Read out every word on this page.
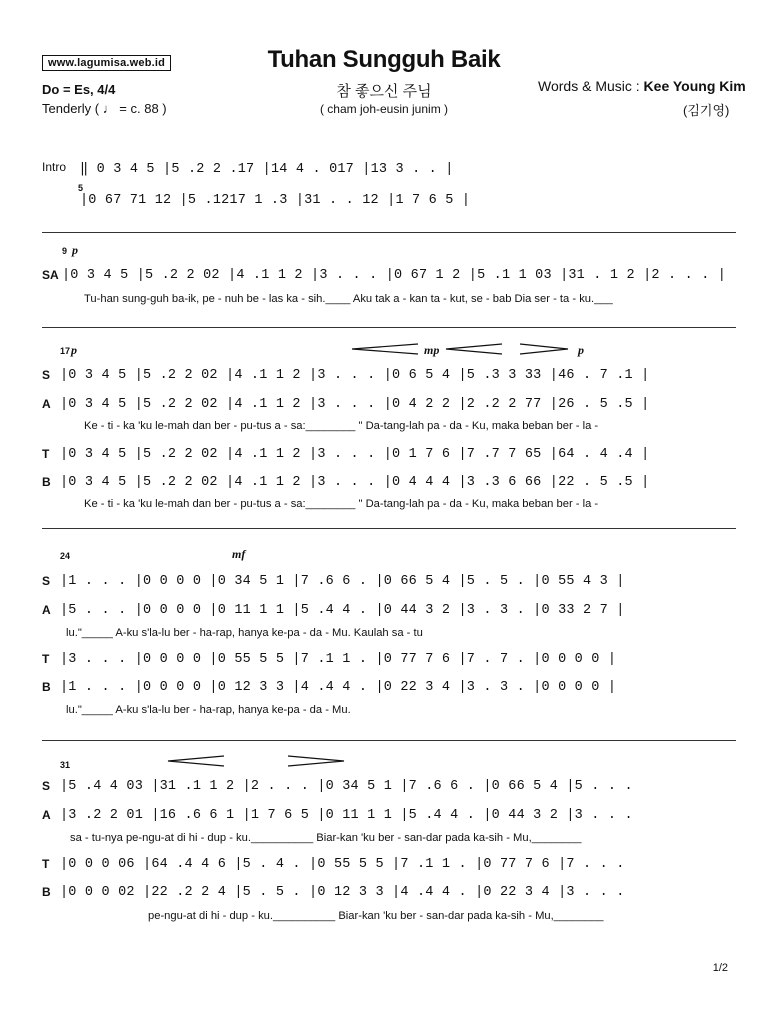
www.lagumisa.web.id	Tuhan Sungguh Baik
참 좋으신 주님
( cham joh-eusin junim )
Do = Es, 4/4
Tenderly ( ♩ = c. 88 )
Words & Music : Kee Young Kim
(김기영)
Intro ‖ 0 3 4 5 |5 .2 2 .17 |14 4 . 017 |13 3 . . |
5
|0 67 71 12 |5 .1217 1 .3 |31 . . 12 |1 7 6 5 |
9 p
SA |0 3 4 5 |5 .2 2 02 |4 .1 1 2 |3 . . . |0 67 1 2 |5 .1 1 03 |31 . 1 2 |2 . . . |
Tu-han sung-guh ba-ik, pe - nuh be - las ka - sih.____ Aku tak a - kan ta - kut, se - bab Dia ser - ta - ku.___
17 p	mp	p
S |0 3 4 5 |5 .2 2 02 |4 .1 1 2 |3 . . . |0 6 5 4 |5 .3 3 33 |46 . 7 .1 |
A |0 3 4 5 |5 .2 2 02 |4 .1 1 2 |3 . . . |0 4 2 2 |2 .2 2 77 |26 . 5 .5 |
Ke - ti - ka 'ku le-mah dan ber - pu-tus a - sa:________ " Da-tang-lah pa - da - Ku, maka beban ber - la -
T |0 3 4 5 |5 .2 2 02 |4 .1 1 2 |3 . . . |0 1 7 6 |7 .7 7 65 |64 . 4 .4 |
B |0 3 4 5 |5 .2 2 02 |4 .1 1 2 |3 . . . |0 4 4 4 |3 .3 6 66 |22 . 5 .5 |
Ke - ti - ka 'ku le-mah dan ber - pu-tus a - sa:________ " Da-tang-lah pa - da - Ku, maka beban ber - la -
24	mf
S |1 . . . |0 0 0 0 |0 34 5 1 |7 .6 6 . |0 66 5 4 |5 . 5 . |0 55 4 3 |
A |5 . . . |0 0 0 0 |0 11 1 1 |5 .4 4 . |0 44 3 2 |3 . 3 . |0 33 2 7 |
lu."_____ A-ku s'la-lu ber - ha-rap, hanya ke-pa - da - Mu. Kaulah sa - tu
T |3 . . . |0 0 0 0 |0 55 5 5 |7 .1 1 . |0 77 7 6 |7 . 7 . |0 0 0 0 |
B |1 . . . |0 0 0 0 |0 12 3 3 |4 .4 4 . |0 22 3 4 |3 . 3 . |0 0 0 0 |
lu."_____ A-ku s'la-lu ber - ha-rap, hanya ke-pa - da - Mu.
31
S |5 .4 4 03 |31 .1 1 2 |2 . . . |0 34 5 1 |7 .6 6 . |0 66 5 4 |5 . . .
A |3 .2 2 01 |16 .6 6 1 |1 7 6 5 |0 11 1 1 |5 .4 4 . |0 44 3 2 |3 . . .
sa - tu-nya pe-ngu-at di hi - dup - ku.__________ Biar-kan 'ku ber - san-dar pada ka-sih - Mu,________
T |0 0 0 06 |64 .4 4 6 |5 . 4 . |0 55 5 5 |7 .1 1 . |0 77 7 6 |7 . . .
B |0 0 0 02 |22 .2 2 4 |5 . 5 . |0 12 3 3 |4 .4 4 . |0 22 3 4 |3 . . .
pe-ngu-at di hi - dup - ku.__________ Biar-kan 'ku ber - san-dar pada ka-sih - Mu,________
1/2
